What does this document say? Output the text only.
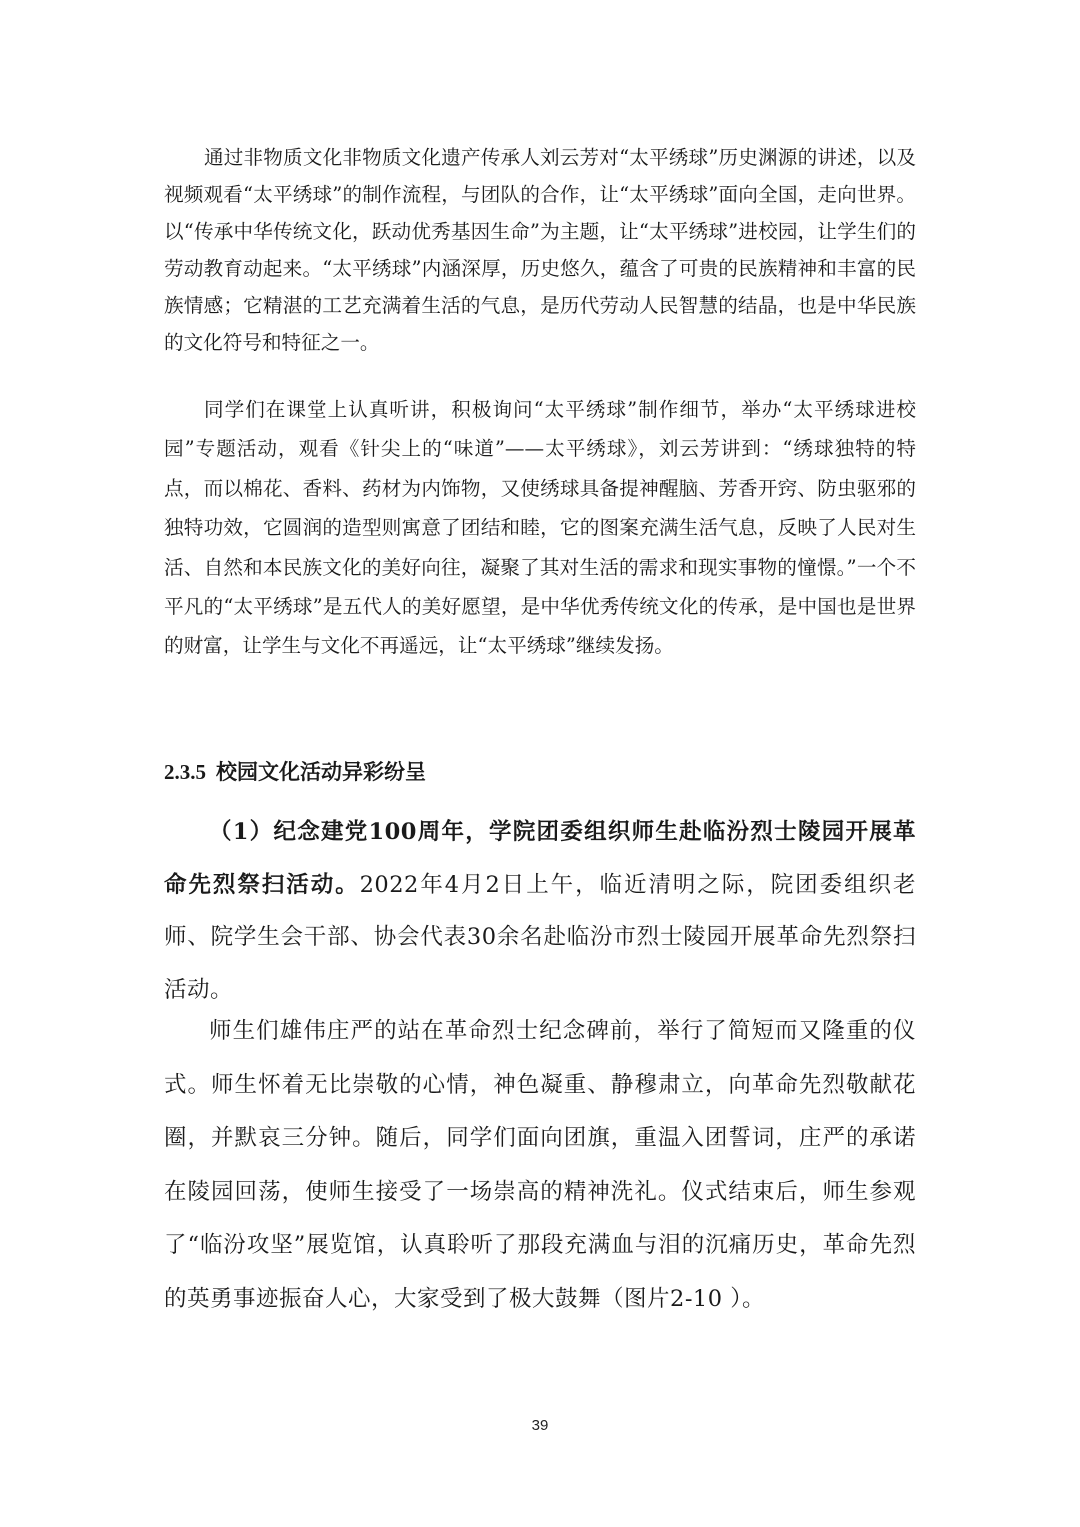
通过非物质文化非物质文化遗产传承人刘云芳对“太平绣球”历史渊源的讲述，以及视频观看“太平绣球”的制作流程，与团队的合作，让“太平绣球”面向全国，走向世界。以“传承中华传统文化，跃动优秀基因生命”为主题，让“太平绣球”进校园，让学生们的劳动教育动起来。“太平绣球”内涵深厚，历史悠久，蕴含了可贵的民族精神和丰富的民族情感；它精湛的工艺充满着生活的气息，是历代劳动人民智慧的结晶，也是中华民族的文化符号和特征之一。

同学们在课堂上认真听讲，积极询问“太平绣球”制作细节，举办“太平绣球进校园”专题活动，观看《针尖上的“味道”——太平绣球》，刘云芳讲到：“绣球独特的特点，而以棉花、香料、药材为内饰物，又使绣球具备提神醒脑、芳香开窍、防虫驱邪的独特功效，它圆润的造型则寓意了团结和睦，它的图案充满生活气息，反映了人民对生活、自然和本民族文化的美好向往，凝聚了其对生活的需求和现实事物的憧憬。”一个不平凡的“太平绣球”是五代人的美好愿望，是中华优秀传统文化的传承，是中国也是世界的财富，让学生与文化不再遥远，让“太平绣球”继续发扬。

2.3.5 校园文化活动异彩纷呈

（1）纪念建党100周年，学院团委组织师生赴临汾烈士陵园开展革命先烈祭扫活动。2022年4月2日上午，临近清明之际，院团委组织老师、院学生会干部、协会代表30余名赴临汾市烈士陵园开展革命先烈祭扫活动。

师生们雄伟庄严的站在革命烈士纪念碑前，举行了简短而又隆重的仪式。师生怀着无比崇敬的心情，神色凝重、静穆肃立，向革命先烈敬献花圈，并默哀三分钟。随后，同学们面向团旗，重温入团誓词，庄严的承诺在陵园回荡，使师生接受了一场崇高的精神洗礼。仪式结束后，师生参观了“临汾攻坚”展览馆，认真聆听了那段充满血与泪的沉痛历史，革命先烈的英勇事迹振奋人心，大家受到了极大鼓舞（图片2-10 ）。

39
